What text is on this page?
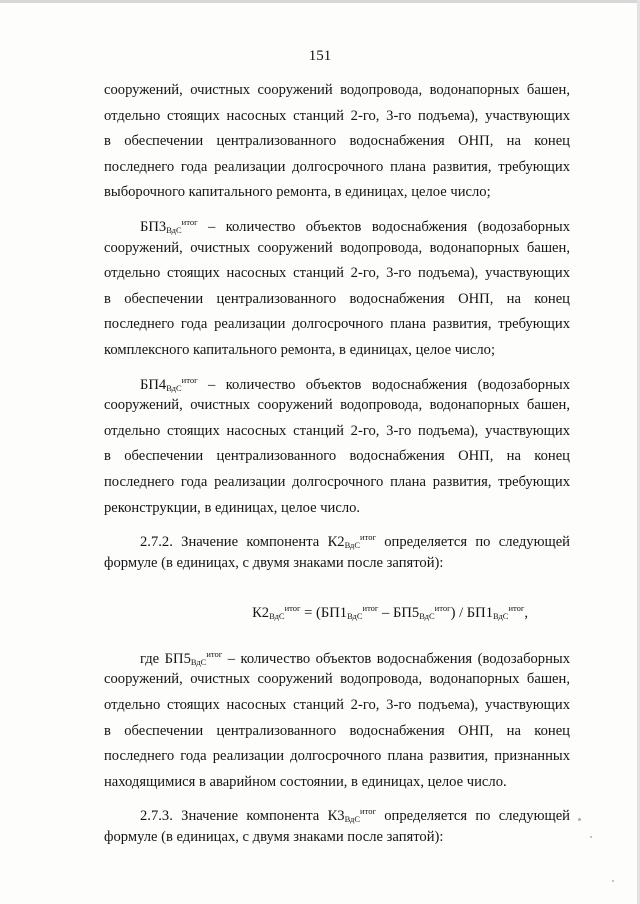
151
сооружений, очистных сооружений водопровода, водонапорных башен,
отдельно стоящих насосных станций 2-го, 3-го подъема), участвующих
в обеспечении централизованного водоснабжения ОНП, на конец
последнего года реализации долгосрочного плана развития, требующих
выборочного капитального ремонта, в единицах, целое число;
$БП3_{ВдС}^{итог}$ – количество объектов водоснабжения (водозаборных
сооружений, очистных сооружений водопровода, водонапорных башен,
отдельно стоящих насосных станций 2-го, 3-го подъема), участвующих
в обеспечении централизованного водоснабжения ОНП, на конец
последнего года реализации долгосрочного плана развития, требующих
комплексного капитального ремонта, в единицах, целое число;
$БП4_{ВдС}^{итог}$ – количество объектов водоснабжения (водозаборных
сооружений, очистных сооружений водопровода, водонапорных башен,
отдельно стоящих насосных станций 2-го, 3-го подъема), участвующих
в обеспечении централизованного водоснабжения ОНП, на конец
последнего года реализации долгосрочного плана развития, требующих
реконструкции, в единицах, целое число.
2.7.2. Значение компонента $К2_{ВдС}^{итог}$ определяется по следующей
формуле (в единицах, с двумя знаками после запятой):
$К2_{ВдС}^{итог} = (БП1_{ВдС}^{итог} - БП5_{ВдС}^{итог}) / БП1_{ВдС}^{итог}$,
где $БП5_{ВдС}^{итог}$ – количество объектов водоснабжения (водозаборных
сооружений, очистных сооружений водопровода, водонапорных башен,
отдельно стоящих насосных станций 2-го, 3-го подъема), участвующих
в обеспечении централизованного водоснабжения ОНП, на конец
последнего года реализации долгосрочного плана развития, признанных
находящимися в аварийном состоянии, в единицах, целое число.
2.7.3. Значение компонента $К3_{ВдС}^{итог}$ определяется по следующей
формуле (в единицах, с двумя знаками после запятой):
